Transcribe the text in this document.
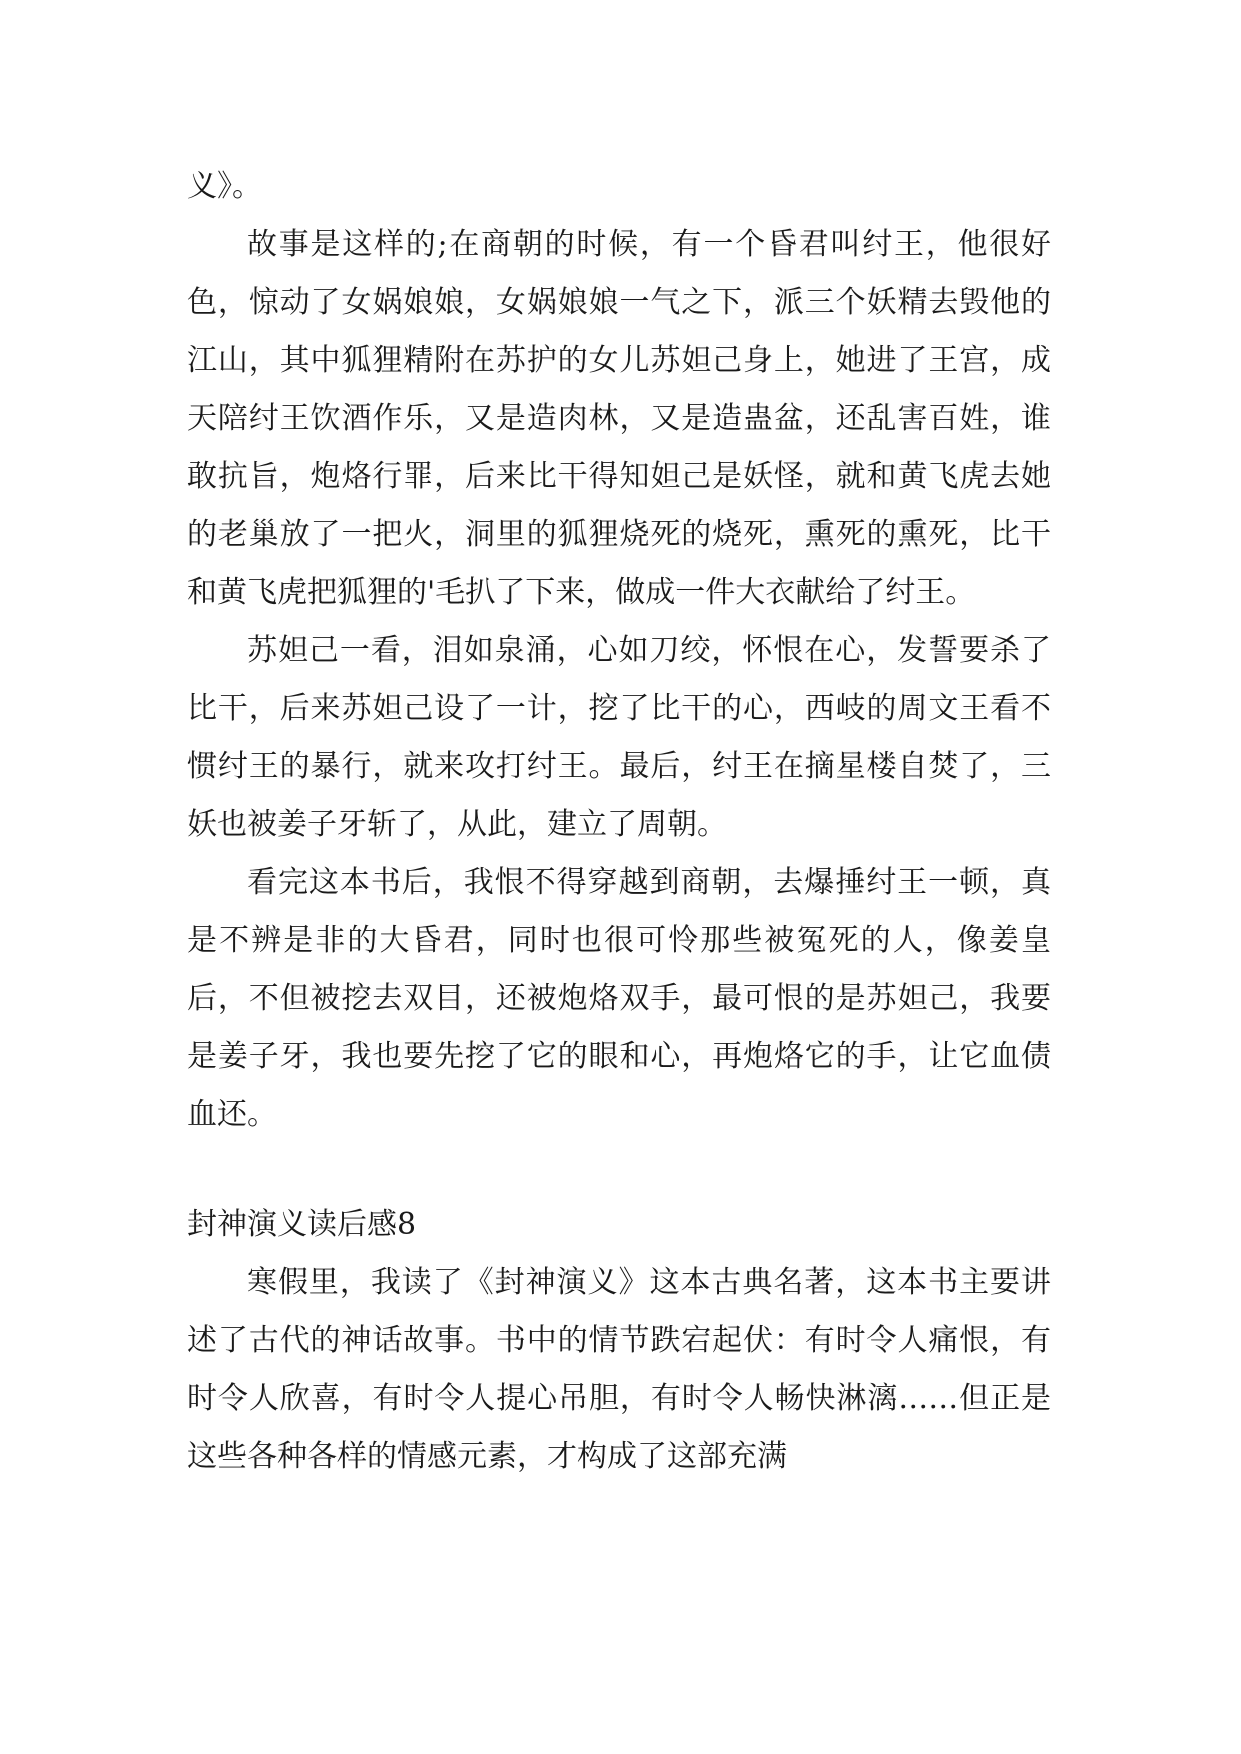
义》。

故事是这样的;在商朝的时候，有一个昏君叫纣王，他很好色，惊动了女娲娘娘，女娲娘娘一气之下，派三个妖精去毁他的江山，其中狐狸精附在苏护的女儿苏妲己身上，她进了王宫，成天陪纣王饮酒作乐，又是造肉林，又是造蛊盆，还乱害百姓，谁敢抗旨，炮烙行罪，后来比干得知妲己是妖怪，就和黄飞虎去她的老巢放了一把火，洞里的狐狸烧死的烧死，熏死的熏死，比干和黄飞虎把狐狸的'毛扒了下来，做成一件大衣献给了纣王。

苏妲己一看，泪如泉涌，心如刀绞，怀恨在心，发誓要杀了比干，后来苏妲己设了一计，挖了比干的心，西岐的周文王看不惯纣王的暴行，就来攻打纣王。最后，纣王在摘星楼自焚了，三妖也被姜子牙斩了，从此，建立了周朝。

看完这本书后，我恨不得穿越到商朝，去爆捶纣王一顿，真是不辨是非的大昏君，同时也很可怜那些被冤死的人，像姜皇后，不但被挖去双目，还被炮烙双手，最可恨的是苏妲己，我要是姜子牙，我也要先挖了它的眼和心，再炮烙它的手，让它血债血还。

封神演义读后感8

寒假里，我读了《封神演义》这本古典名著，这本书主要讲述了古代的神话故事。书中的情节跌宕起伏：有时令人痛恨，有时令人欣喜，有时令人提心吊胆，有时令人畅快淋漓……但正是这些各种各样的情感元素，才构成了这部充满
